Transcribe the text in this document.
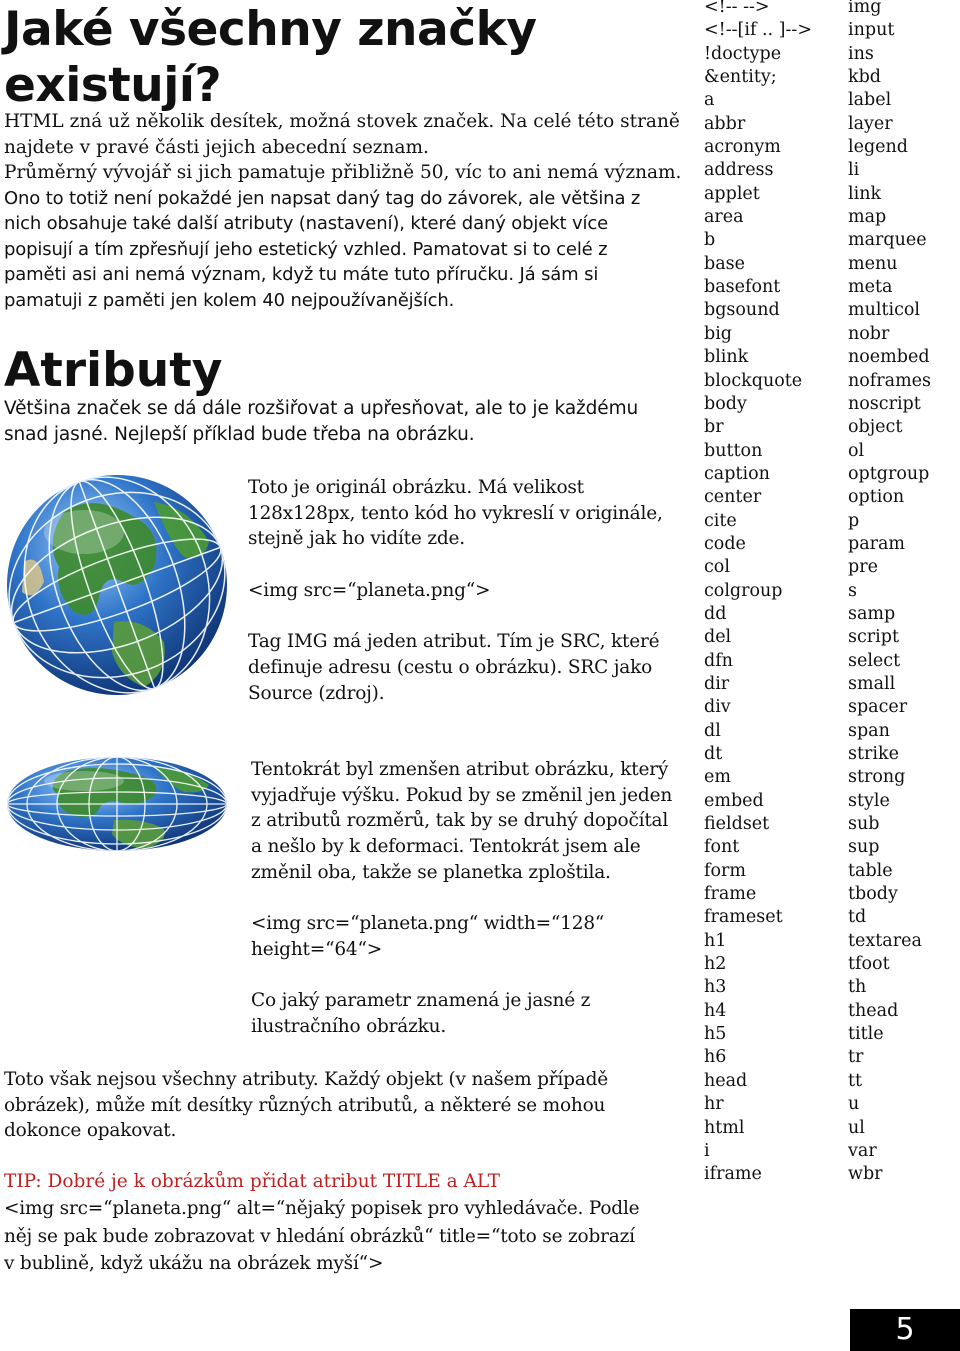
Jaké všechny značky existují?

HTML zná už několik desítek, možná stovek značek. Na celé této straně

najdete v pravé části jejich abecední seznam.

Průměrný vývojář si jich pamatuje přibližně 50, víc to ani nemá význam.

Ono to totiž není pokaždé jen napsat daný tag do závorek, ale většina z

nich obsahuje také další atributy (nastavení), které daný objekt více

popisují a tím zpřesňují jeho estetický vzhled. Pamatovat si to celé z

paměti asi ani nemá význam, když tu máte tuto příručku. Já sám si

pamatuji z paměti jen kolem 40 nejpoužívanějších.

Atributy

Většina značek se dá dále rozšiřovat a upřesňovat, ale to je každému

snad jasné. Nejlepší příklad bude třeba na obrázku.

Toto je originál obrázku. Má velikost

128x128px, tento kód ho vykreslí v originále,

stejně jak ho vidíte zde.

<img src=“planeta.png“>

Tag IMG má jeden atribut. Tím je SRC, které

definuje adresu (cestu o obrázku). SRC jako

Source (zdroj).

Tentokrát byl zmenšen atribut obrázku, který

vyjadřuje výšku. Pokud by se změnil jen jeden

z atributů rozměrů, tak by se druhý dopočítal

a nešlo by k deformaci. Tentokrát jsem ale

změnil oba, takže se planetka zploštila.

<img src=“planeta.png“ width=“128“

height=“64“>

Co jaký parametr znamená je jasné z

ilustračního obrázku.

Toto však nejsou všechny atributy. Každý objekt (v našem případě

obrázek), může mít desítky různých atributů, a některé se mohou

dokonce opakovat.

TIP: Dobré je k obrázkům přidat atribut TITLE a ALT

<img src=“planeta.png“ alt=“nějaký popisek pro vyhledávače. Podle

něj se pak bude zobrazovat v hledání obrázků“ title=“toto se zobrazí

v bublině, když ukážu na obrázek myší“>

<!-- -->
<!--[if .. ]-->
!doctype
&entity;
a
abbr
acronym
address
applet
area
b
base
basefont
bgsound
big
blink
blockquote
body
br
button
caption
center
cite
code
col
colgroup
dd
del
dfn
dir
div
dl
dt
em
embed
fieldset
font
form
frame
frameset
h1
h2
h3
h4
h5
h6
head
hr
html
i
iframe
img
input
ins
kbd
label
layer
legend
li
link
map
marquee
menu
meta
multicol
nobr
noembed
noframes
noscript
object
ol
optgroup
option
p
param
pre
s
samp
script
select
small
spacer
span
strike
strong
style
sub
sup
table
tbody
td
textarea
tfoot
th
thead
title
tr
tt
u
ul
var
wbr
5
